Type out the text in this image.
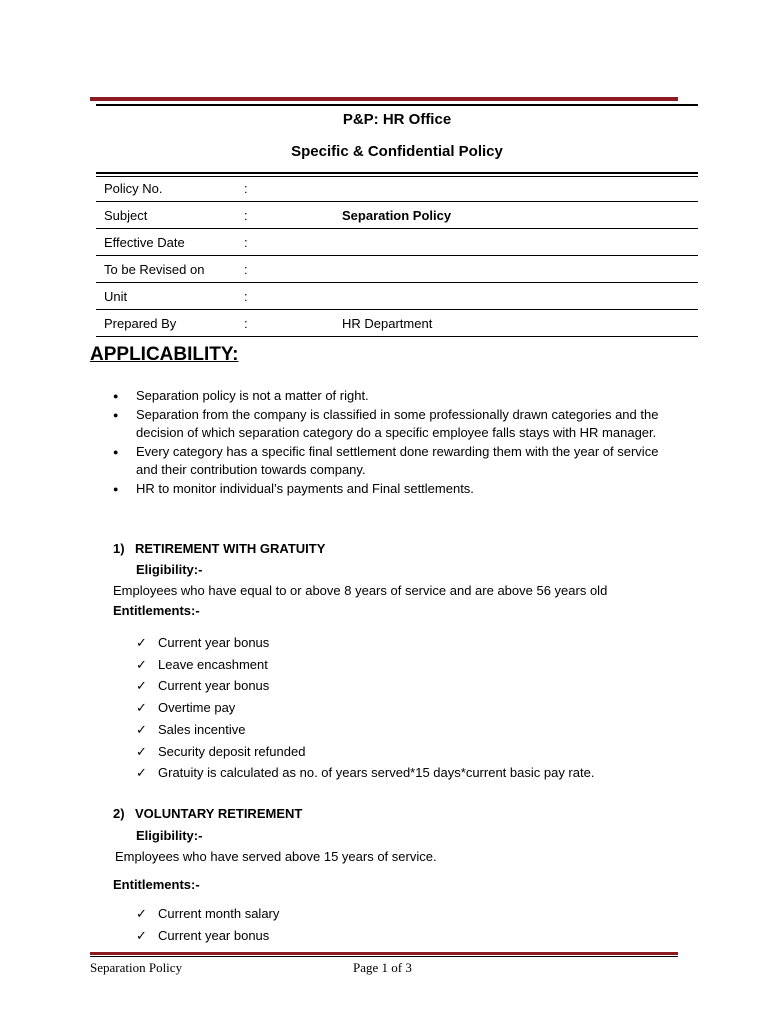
P&P: HR Office
Specific & Confidential Policy
Policy No.	:	
Subject	:	Separation Policy
Effective Date	:	
To be Revised on	:	
Unit	:	
Prepared By	:	HR Department
APPLICABILITY:
● Separation policy is not a matter of right.
● Separation from the company is classified in some professionally drawn categories and the decision of which separation category do a specific employee falls stays with HR manager.
● Every category has a specific final settlement done rewarding them with the year of service and their contribution towards company.
● HR to monitor individual’s payments and Final settlements.
1) RETIREMENT WITH GRATUITY
Eligibility:-
Employees who have equal to or above 8 years of service and are above 56 years old
Entitlements:-
✓ Current year bonus
✓ Leave encashment
✓ Current year bonus
✓ Overtime pay
✓ Sales incentive
✓ Security deposit refunded
✓ Gratuity is calculated as no. of years served*15 days*current basic pay rate.
2) VOLUNTARY RETIREMENT
Eligibility:-
Employees who have served above 15 years of service.
Entitlements:-
✓ Current month salary
✓ Current year bonus
Separation Policy	Page 1 of 3
